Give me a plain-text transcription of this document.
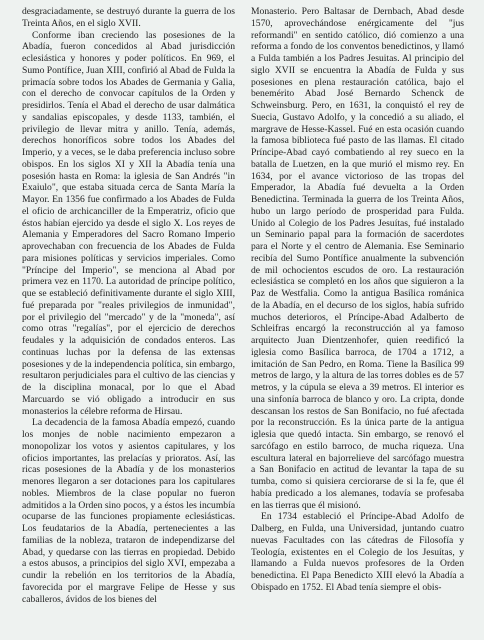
desgraciadamente, se destruyó durante la guerra de los Treinta Años, en el siglo XVII.

Conforme iban creciendo las posesiones de la Abadía, fueron concedidos al Abad jurisdicción eclesiástica y honores y poder políticos. En 969, el Sumo Pontífice, Juan XIII, confirió al Abad de Fulda la primacía sobre todos los Abades de Germania y Galia, con el derecho de convocar capítulos de la Orden y presidirlos. Tenía el Abad el derecho de usar dalmática y sandalias episcopales, y desde 1133, también, el privilegio de llevar mitra y anillo. Tenía, además, derechos honoríficos sobre todos los Abades del Imperio, y a veces, se le daba preferencia incluso sobre obispos. En los siglos XI y XII la Abadía tenía una posesión hasta en Roma: la iglesia de San Andrés "in Exaiulo", que estaba situada cerca de Santa María la Mayor. En 1356 fue confirmado a los Abades de Fulda el oficio de archicanciller de la Emperatriz, oficio que éstos habían ejercido ya desde el siglo X. Los reyes de Alemania y Emperadores del Sacro Romano Imperio aprovechaban con frecuencia de los Abades de Fulda para misiones políticas y servicios imperiales. Como "Príncipe del Imperio", se menciona al Abad por primera vez en 1170. La autoridad de príncipe político, que se estableció definitivamente durante el siglo XIII, fué preparada por "reales privilegios de inmunidad", por el privilegio del "mercado" y de la "moneda", así como otras "regalías", por el ejercicio de derechos feudales y la adquisición de condados enteros. Las continuas luchas por la defensa de las extensas posesiones y de la independencia política, sin embargo, resultaron perjudiciales para el cultivo de las ciencias y de la disciplina monacal, por lo que el Abad Marcuardo se vió obligado a introducir en sus monasterios la célebre reforma de Hirsau.

La decadencia de la famosa Abadía empezó, cuando los monjes de noble nacimiento empezaron a monopolizar los votos y asientos capitulares, y los oficios importantes, las prelacías y prioratos. Así, las ricas posesiones de la Abadía y de los monasterios menores llegaron a ser dotaciones para los capitulares nobles. Miembros de la clase popular no fueron admitidos a la Orden sino pocos, y a éstos les incumbía ocuparse de las funciones propiamente eclesiásticas. Los feudatarios de la Abadía, pertenecientes a las familias de la nobleza, trataron de independizarse del Abad, y quedarse con las tierras en propiedad. Debido a estos abusos, a principios del siglo XVI, empezaba a cundir la rebelión en los territorios de la Abadía, favorecida por el margrave Felipe de Hesse y sus caballeros, ávidos de los bienes del

Monasterio. Pero Baltasar de Dernbach, Abad desde 1570, aprovechándose enérgicamente del "jus reformandi" en sentido católico, dió comienzo a una reforma a fondo de los conventos benedictinos, y llamó a Fulda también a los Padres Jesuitas. Al principio del siglo XVII se encuentra la Abadía de Fulda y sus posesiones en plena restauración católica, bajo el benemérito Abad José Bernardo Schenck de Schweinsburg. Pero, en 1631, la conquistó el rey de Suecia, Gustavo Adolfo, y la concedió a su aliado, el margrave de Hesse-Kassel. Fué en esta ocasión cuando la famosa biblioteca fué pasto de las llamas. El citado Príncipe-Abad cayó combatiendo al rey sueco en la batalla de Luetzen, en la que murió el mismo rey. En 1634, por el avance victorioso de las tropas del Emperador, la Abadía fué devuelta a la Orden Benedictina. Terminada la guerra de los Treinta Años, hubo un largo período de prosperidad para Fulda. Unido al Colegio de los Padres Jesuítas, fué instalado un Seminario papal para la formación de sacerdotes para el Norte y el centro de Alemania. Ese Seminario recibía del Sumo Pontífice anualmente la subvención de mil ochocientos escudos de oro. La restauración eclesiástica se completó en los años que siguieron a la Paz de Westfalia. Como la antigua Basílica románica de la Abadía, en el decurso de los siglos, había sufrido muchos deterioros, el Príncipe-Abad Adalberto de Schleifras encargó la reconstrucción al ya famoso arquitecto Juan Dientzenhofer, quien reedificó la iglesia como Basílica barroca, de 1704 a 1712, a imitación de San Pedro, en Roma. Tiene la Basílica 99 metros de largo, y la altura de las torres dobles es de 57 metros, y la cúpula se eleva a 39 metros. El interior es una sinfonía barroca de blanco y oro. La cripta, donde descansan los restos de San Bonifacio, no fué afectada por la reconstrucción. Es la única parte de la antigua iglesia que quedó intacta. Sin embargo, se renovó el sarcófago en estilo barroco, de mucha riqueza. Una escultura lateral en bajorrelieve del sarcófago muestra a San Bonifacio en actitud de levantar la tapa de su tumba, como si quisiera cerciorarse de si la fe, que él había predicado a los alemanes, todavía se profesaba en las tierras que él misionó.

En 1734 estableció el Príncipe-Abad Adolfo de Dalberg, en Fulda, una Universidad, juntando cuatro nuevas Facultades con las cátedras de Filosofía y Teología, existentes en el Colegio de los Jesuítas, y llamando a Fulda nuevos profesores de la Orden benedictina. El Papa Benedicto XIII elevó la Abadía a Obispado en 1752. El Abad tenía siempre el obis-
